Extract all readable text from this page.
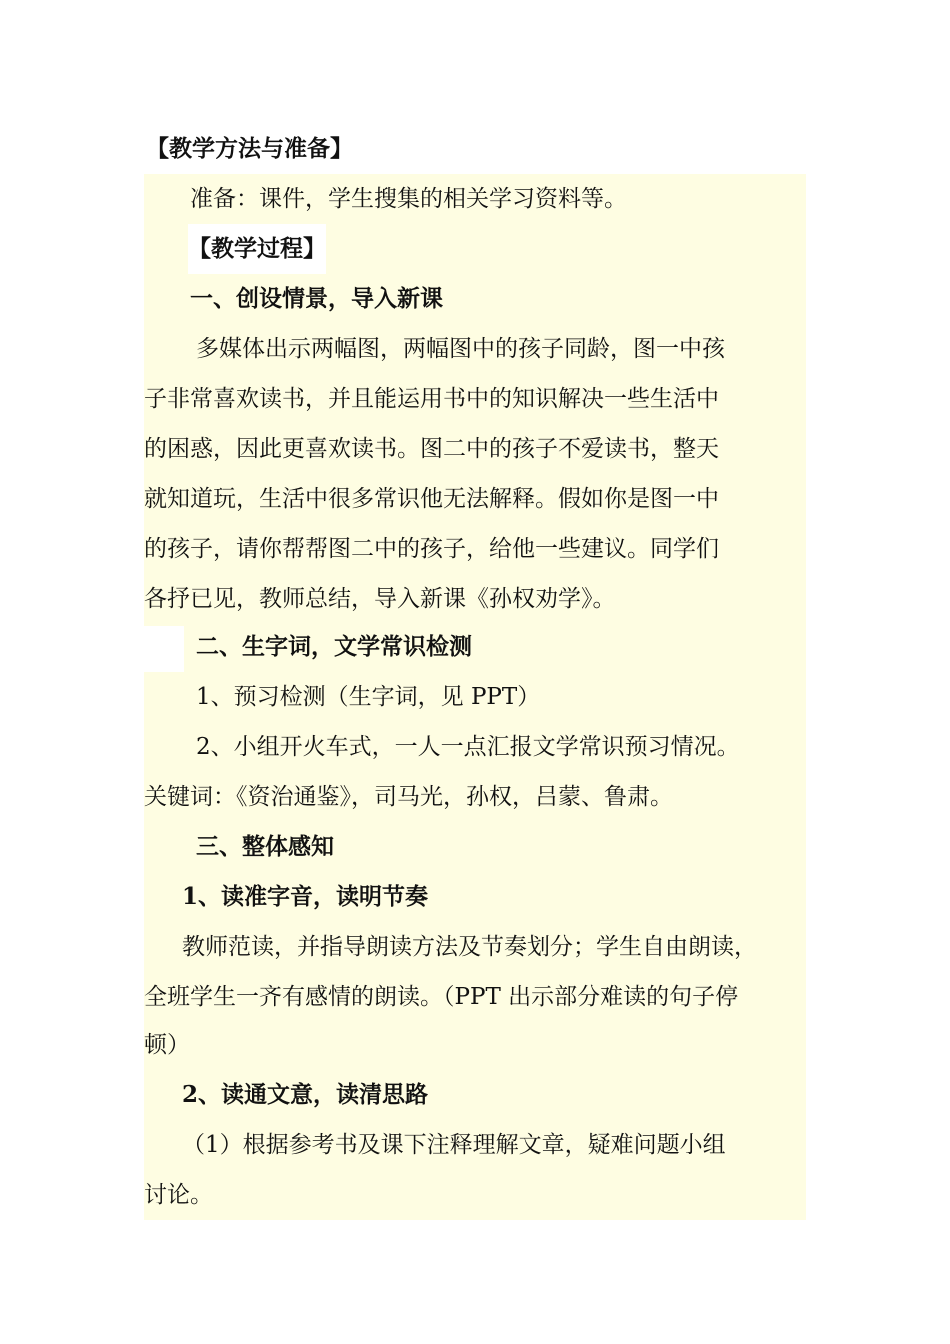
【教学方法与准备】
准备：课件，学生搜集的相关学习资料等。
【教学过程】
一、创设情景，导入新课
多媒体出示两幅图，两幅图中的孩子同龄，图一中孩
子非常喜欢读书，并且能运用书中的知识解决一些生活中
的困惑，因此更喜欢读书。图二中的孩子不爱读书，整天
就知道玩，生活中很多常识他无法解释。假如你是图一中
的孩子，请你帮帮图二中的孩子，给他一些建议。同学们
各抒已见，教师总结，导入新课《孙权劝学》。
二、生字词，文学常识检测
1、预习检测（生字词，见 PPT）
2、小组开火车式，一人一点汇报文学常识预习情况。
关键词：《资治通鉴》，司马光，孙权，吕蒙、鲁肃。
三、整体感知
1、读准字音，读明节奏
教师范读，并指导朗读方法及节奏划分；学生自由朗读，
全班学生一齐有感情的朗读。（PPT 出示部分难读的句子停
顿）
2、读通文意，读清思路
（1）根据参考书及课下注释理解文章，疑难问题小组
讨论。
